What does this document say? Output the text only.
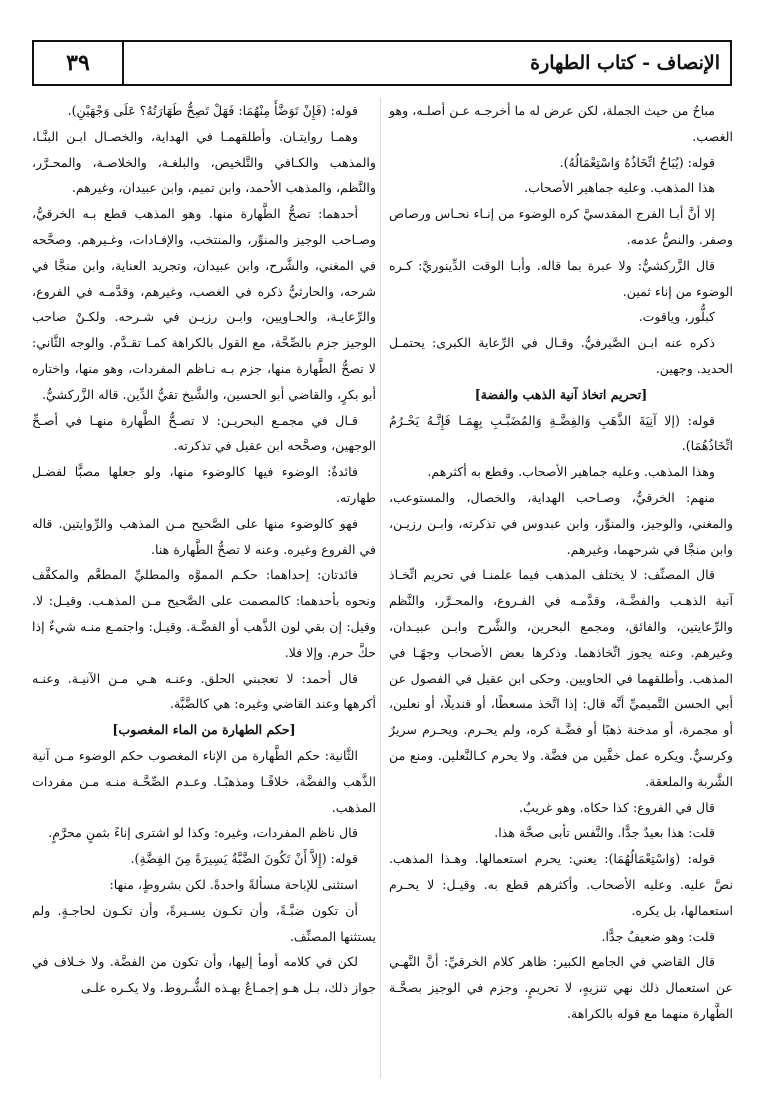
الإنصاف - كتاب الطهارة
٣٩

مباحٌ من حيث الجملة، لكن عرض له ما أخرجـه عـن أصلـه، وهو الغصب.

قوله: (يُبَاحُ اتِّخَاذُهُ وَاسْتِعْمَالُهُ).

هذا المذهب. وعليه جماهير الأصحاب.

إلا أنَّ أبـا الفرج المقدسيَّ كره الوضوء من إنـاء نحـاس ورصاص وصفر. والنصُّ عدمه.

قال الزَّركشيُّ: ولا عبرة بما قاله. وأبـا الوقت الدِّينوريَّ: كـره الوضوء من إناء ثمين.

كبلُّور، وياقوت.

ذكره عنه ابـن الصَّيرفيُّ. وقـال في الرِّعاية الكبرى: يحتمـل الحديد. وجهين.

[تحريم اتخاذ آنية الذهب والفضة]

قوله: (إلا آنِيَةَ الذَّهَبِ وَالفِضَّـةِ وَالمُضَبَّـبِ بِهِمَـا فَإِنَّـهُ يَحْـرُمُ اتِّخَاذُهُمَا).

وهذا المذهب. وعليه جماهير الأصحاب. وقطع به أكثرهم.

منهم: الخرقيُّ، وصـاحب الهداية، والخصال، والمستوعب، والمغني، والوجيز، والمنوِّر، وابن عبدوس في تذكرته، وابـن رزيـن، وابن منجَّا في شرحهما، وغيرهم.

قال المصنِّف: لا يختلف المذهب فيما علمنـا في تحريم اتِّخـاذ آنية الذهـب والفضَّـة، وقدَّمـه في الفـروع، والمحـرَّر، والنَّظم والرِّعايتين، والفائق، ومجمع البحرين، والشَّرح وابـن عبيـدان، وغيرهم. وعنه يجوز اتِّخاذهما. وذكرها بعض الأصحاب وجهًـا في المذهب. وأطلقهما في الحاويين. وحكى ابن عقيل في الفصول عن أبي الحسن التَّميميِّ أنَّه قال: إذا اتَّخذ مسعطًا، أو قنديلًا، أو نعلين، أو مجمرة، أو مدخنة ذهبًا أو فضَّـة كره، ولم يحـرم. ويحـرم سريرٌ وكرسيٌّ. ويكره عمل خفَّين من فضَّة. ولا يحرم كـالنَّعلين. ومنع من الشَّربة والملعقة.

قال في الفروع: كذا حكاه. وهو غريبٌ.

قلت: هذا بعيدٌ جدًّا. والنَّفس تأبى صحَّة هذا.

قوله: (وَاسْتِعْمَالُهُمَا): يعني: يحرم استعمالها. وهـذا المذهب. نصَّ عليه. وعليه الأصحاب. وأكثرهم قطع به. وقيـل: لا يحـرم استعمالها، بل يكره.

قلت: وهو ضعيفٌ جدًّا.

قال القاضي في الجامع الكبير: ظاهر كلام الخرقيِّ: أنَّ النَّهـي عن استعمال ذلك نهي تنزيهٍ، لا تحريمٍ. وجزم في الوجيز بصحَّـة الطَّهارة منهما مع قوله بالكراهة.

قوله: (فَإِنْ تَوَضَّأَ مِنْهُمَا: فَهَلْ تَصِحُّ طَهَارَتُهُ؟ عَلَى وَجْهَيْنِ).

وهمـا روايتـان. وأطلقهمـا في الهداية، والخصـال ابـن البنَّـا، والمذهب والكـافي والتَّلخيص، والبلغـة، والخلاصـة، والمحـرَّر، والنَّظم، والمذهب الأحمد، وابن تميم، وابن عبيدان، وغيرهم.

أحدهما: تصحُّ الطَّهارة منها. وهو المذهب قطع بـه الخرقيُّ، وصـاحب الوجيز والمنوِّر، والمنتخب، والإفـادات، وغـيرهم. وصحَّحه في المغني، والشَّرح، وابن عبيدان، وتجريد العناية، وابن منجَّا في شرحه، والحارثيُّ ذكره في الغصب، وغيرهم، وقدَّمـه في الفروع، والرِّعايـة، والحـاويين، وابـن رزيـن في شـرحه. ولكـنْ صاحب الوجيز جزم بالصِّحَّة، مع القول بالكراهة كمـا تقـدَّم. والوجه الثَّاني: لا تصحُّ الطَّهارة منها، جزم بـه نـاظم المفردات، وهو منها، واختاره أبو بكرٍ، والقاضي أبو الحسين، والشَّيخ تقيُّ الدِّين. قاله الزَّركشيُّ.

قـال في مجمـع البحريـن: لا تصـحُّ الطَّهارة منهـا في أصـحِّ الوجهين، وصحَّحه ابن عقيل في تذكرته.

فائدةٌ: الوضوء فيها كالوضوء منها، ولو جعلها مصبًّا لفضـل طهارته.

فهو كالوضوء منها على الصَّحيح مـن المذهب والرِّوايتين. قاله في الفروع وغيره. وعنه لا تصحُّ الطَّهارة هنا.

فائدتان: إحداهما: حكـم المموَّه والمطليِّ المطعَّم والمكفَّف ونحوه بأحدهما: كالمصمت على الصَّحيح مـن المذهـب. وقيـل: لا. وقيل: إن بقي لون الذَّهب أو الفضَّـة. وقيـل: واجتمـع منـه شيءٌ إذا حكَّ حرم. وإلا فلا.

قال أحمد: لا تعجبني الحلق. وعنـه هـي مـن الآنيـة. وعنـه أكرهها وعند القاضي وغيره: هي كالضَّبَّة.

[حكم الطهارة من الماء المغصوب]

الثَّانية: حكم الطَّهارة من الإناء المغصوب حكم الوضوء مـن آنية الذَّهب والفضَّة، خلافًـا ومذهبًـا. وعـدم الصِّحَّـة منـه مـن مفردات المذهب.

قال ناظم المفردات، وغيره: وكذا لو اشترى إناءً بثمنٍ محرَّمٍ.

قوله: (إِلاَّ أَنْ تَكُونَ الضَّبَّةُ يَسِيرَةً مِنَ الفِضَّةِ).

استثنى للإباحة مسألةً واحدةً. لكن بشروطٍ، منها:

أن تكون ضبَّـةً، وأن تكـون يسـيرةً، وأن تكـون لحاجـةٍ. ولم يستثنها المصنِّف.

لكن في كلامه أومأ إليها، وأن تكون من الفضَّة. ولا خـلاف في جواز ذلك، بـل هـو إجمـاعٌ بهـذه الشُّـروط. ولا يكـره علـى
